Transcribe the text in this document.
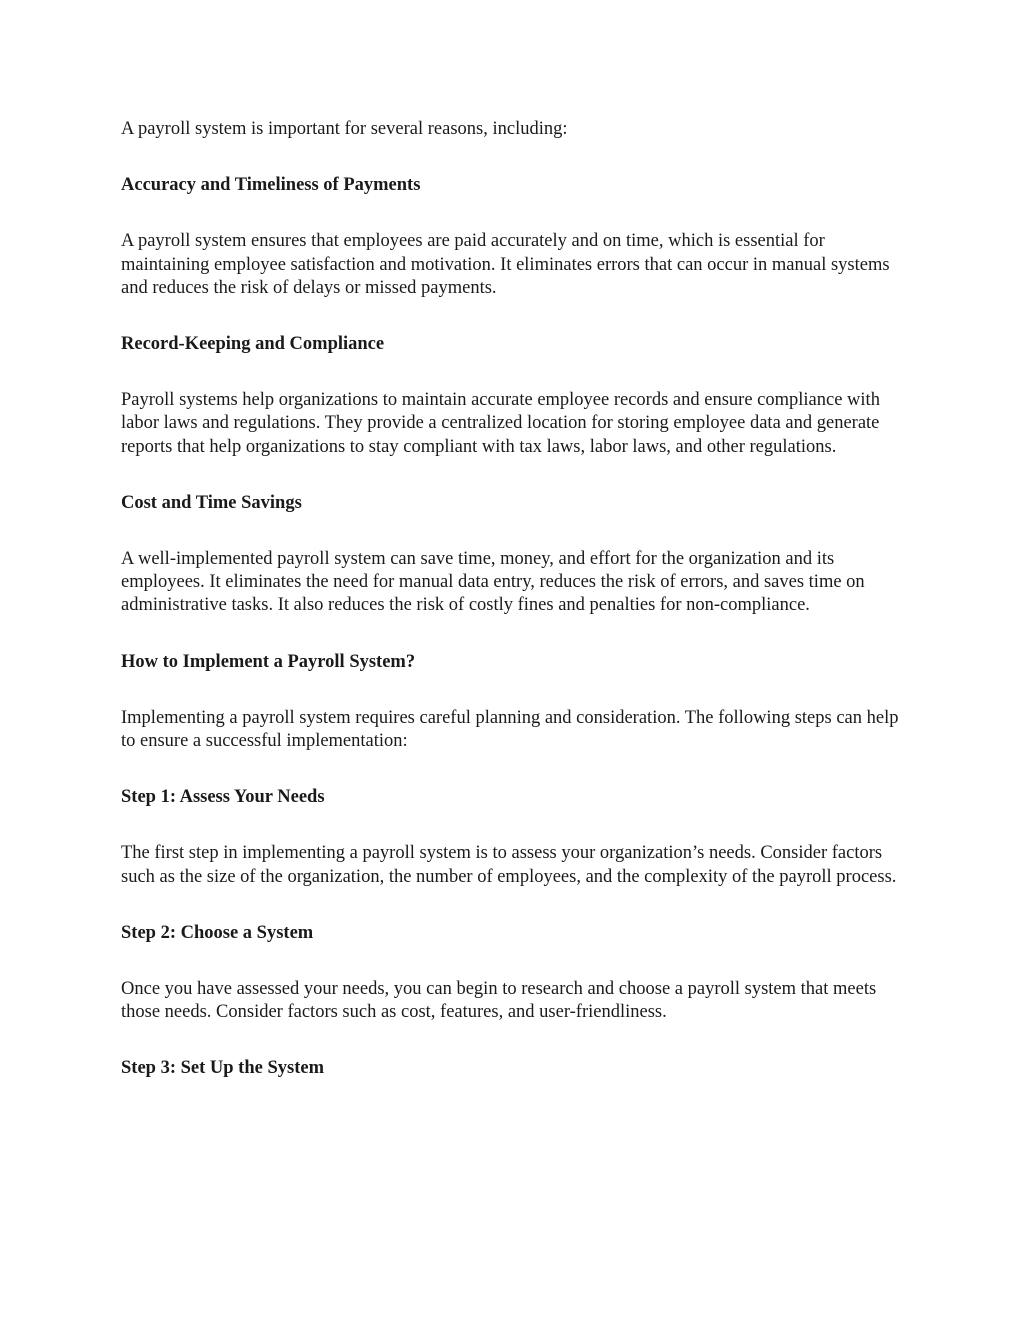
A payroll system is important for several reasons, including:

Accuracy and Timeliness of Payments

A payroll system ensures that employees are paid accurately and on time, which is essential for maintaining employee satisfaction and motivation. It eliminates errors that can occur in manual systems and reduces the risk of delays or missed payments.

Record-Keeping and Compliance

Payroll systems help organizations to maintain accurate employee records and ensure compliance with labor laws and regulations. They provide a centralized location for storing employee data and generate reports that help organizations to stay compliant with tax laws, labor laws, and other regulations.

Cost and Time Savings

A well-implemented payroll system can save time, money, and effort for the organization and its employees. It eliminates the need for manual data entry, reduces the risk of errors, and saves time on administrative tasks. It also reduces the risk of costly fines and penalties for non-compliance.

How to Implement a Payroll System?

Implementing a payroll system requires careful planning and consideration. The following steps can help to ensure a successful implementation:

Step 1: Assess Your Needs

The first step in implementing a payroll system is to assess your organization’s needs. Consider factors such as the size of the organization, the number of employees, and the complexity of the payroll process.

Step 2: Choose a System

Once you have assessed your needs, you can begin to research and choose a payroll system that meets those needs. Consider factors such as cost, features, and user-friendliness.

Step 3: Set Up the System
